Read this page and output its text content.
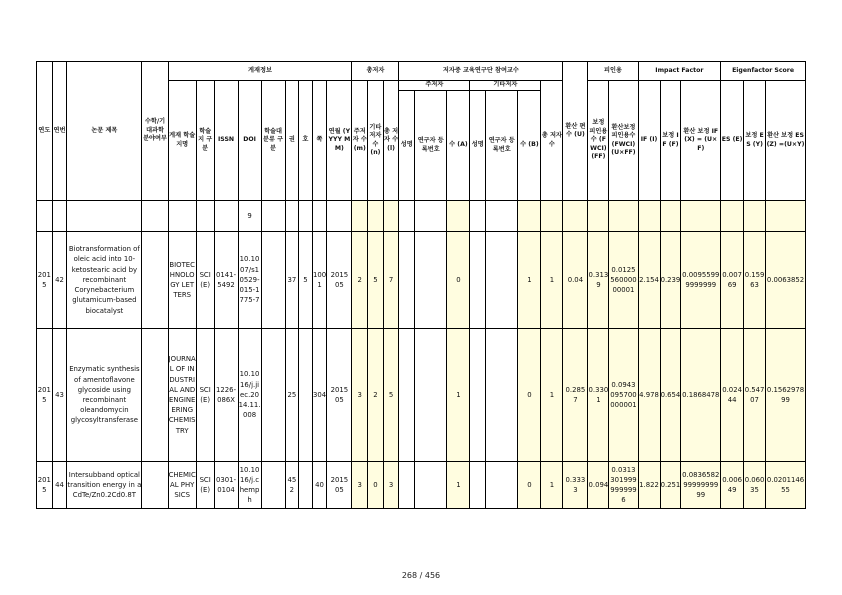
연도	연번	논문 제목	수학/기대과학 분야여부	게재정보									총저자			저자중 교육연구단 참여교수							환산 편수 (U)	피인용		Impact Factor			Eigenfactor Score		
				게재 학술지명	학술지 구분	ISSN	DOI	학술대 분류 구분	권	호	쪽	연월 (YYYY MM)	주저자 수 (m)	기타 저자 수 (n)	총 저자 수 (l)	주저자			기타저자			총 저자 수		보정 피인용수 (FWCI) (FF)	환산보정피인용수 (FWCI) (U×FF)	IF (I)	보정 IF (F)	환산 보정 IF(X) = (U×F)	ES (E)	보정 ES (Y)	환산 보정 ES(Z) =(U×Y)
																성명	연구자 등록번호	수 (A)	성명	연구자 등록번호	수 (B)										
							9																								
2015	42	Biotransformation of oleic acid into 10-ketostearic acid by recombinant Corynebacterium glutamicum-based biocatalyst		BIOTECHNOLOGY LETTERS	SCI(E)	0141-5492	10.1007/s10529-015-1775-7		37	5	1001	2015 05	2	5	7			0			1	1	0.04	0.3139	0.012556000000001	2.154	0.239	0.00955999999999	0.00769	0.15963	0.0063852
2015	43	Enzymatic synthesis of amentoflavone glycoside using recombinant oleandomycin glycosyltransferase		JOURNAL OF INDUSTRIAL AND ENGINEERING CHEMISTRY	SCI(E)	1226-086X	10.1016/j.jiec.2014.11.008		25		304	2015 05	3	2	5			1			0	1	0.2857	0.3301	0.0943095700000001	4.978	0.654	0.1868478	0.02444	0.54707	0.156297899
2015	44	Intersubband optical transition energy in a CdTe/Zn0.2Cd0.8T		CHEMICAL PHYSICS	SCI(E)	0301-0104	10.1016/j.chemph		452		40	2015 05	3	0	3			1			0	1	0.3333	0.094	0.03133019999999996	1.822	0.251	0.08365829999999999	0.00649	0.06035	0.020114655
268 / 456
